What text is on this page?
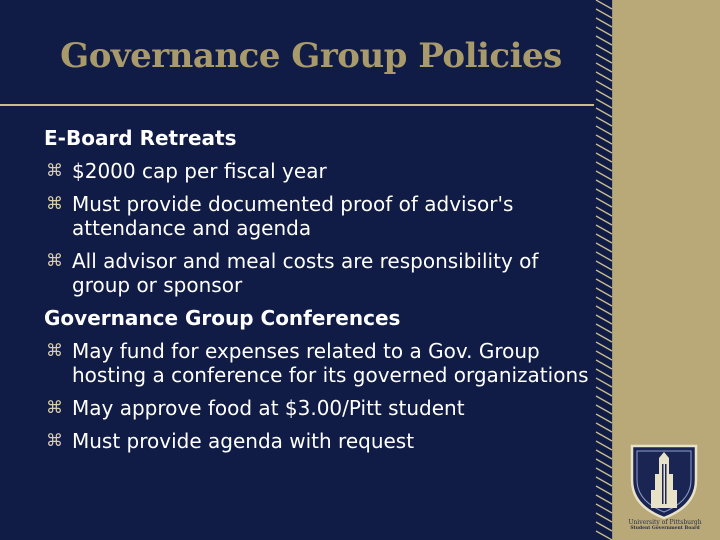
Governance Group Policies
E-Board Retreats
⌘ $2000 cap per fiscal year
⌘ Must provide documented proof of advisor's attendance and agenda
⌘ All advisor and meal costs are responsibility of group or sponsor
Governance Group Conferences
⌘ May fund for expenses related to a Gov. Group hosting a conference for its governed organizations
⌘ May approve food at $3.00/Pitt student
⌘ Must provide agenda with request
University of Pittsburgh
Student Government Board
